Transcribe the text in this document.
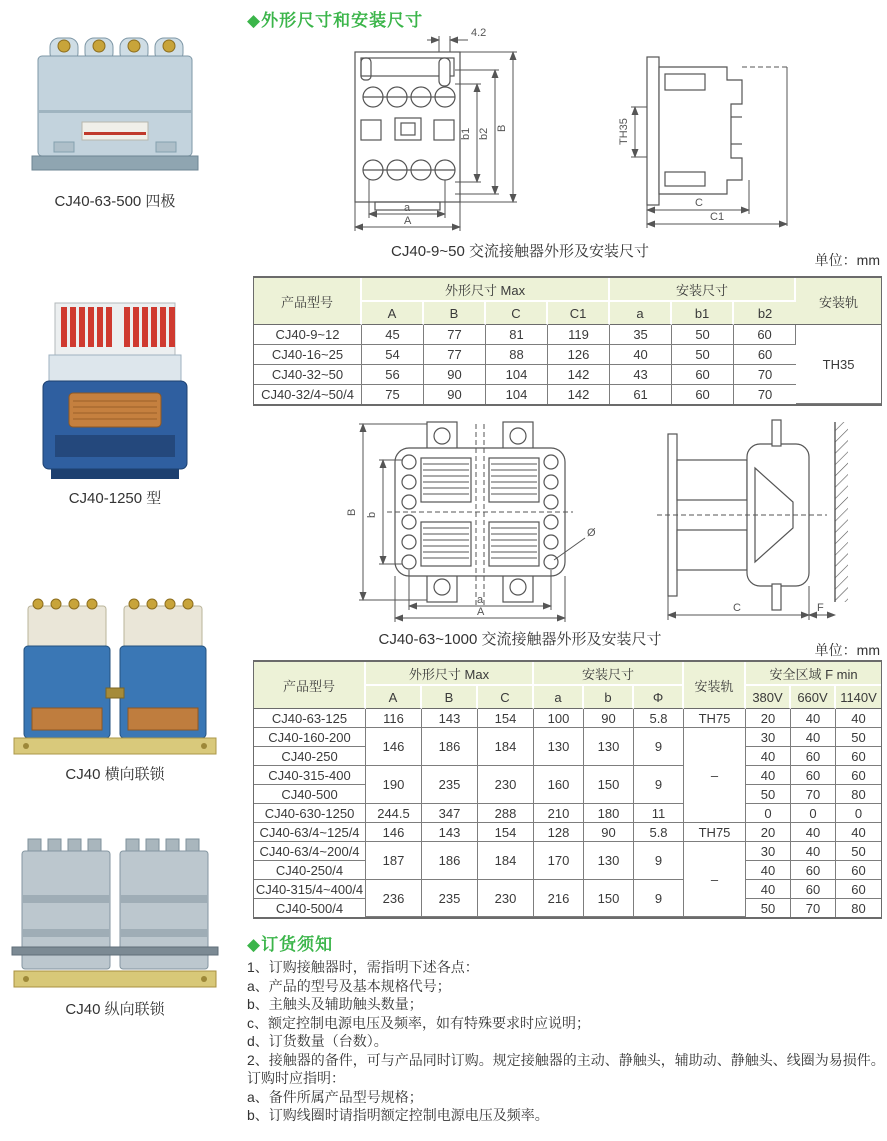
CJ40-63-500 四极
CJ40-1250 型
CJ40 横向联锁
CJ40 纵向联锁
◆外形尺寸和安装尺寸
4.2
b1 b2 B
a
A
TH35
C
C1
CJ40-9~50 交流接触器外形及安装尺寸	单位：mm
产品型号	外形尺寸 Max				安装尺寸			安装轨
	A	B	C	C1	a	b1	b2	
CJ40-9~12	45	77	81	119	35	50	60	TH35
CJ40-16~25	54	77	88	126	40	50	60	
CJ40-32~50	56	90	104	142	43	60	70	
CJ40-32/4~50/4	75	90	104	142	61	60	70	
b
B
a
A
Ø
C	F
CJ40-63~1000 交流接触器外形及安装尺寸
单位：mm
产品型号	外形尺寸 Max			安装尺寸			安装轨	安全区域 F min		
	A	B	C	a	b	Φ		380V	660V	1140V
CJ40-63-125	116	143	154	100	90	5.8	TH75	20	40	40
CJ40-160-200	146	186	184	130	130	9	–	30	40	50
CJ40-250								40	60	60
CJ40-315-400	190	235	230	160	150	9		40	60	60
CJ40-500								50	70	80
CJ40-630-1250	244.5	347	288	210	180	11		0	0	0
CJ40-63/4~125/4	146	143	154	128	90	5.8	TH75	20	40	40
CJ40-63/4~200/4	187	186	184	170	130	9	–	30	40	50
CJ40-250/4								40	60	60
CJ40-315/4~400/4	236	235	230	216	150	9		40	60	60
CJ40-500/4								50	70	80
◆订货须知
1、订购接触器时，需指明下述各点：
a、产品的型号及基本规格代号；
b、主触头及辅助触头数量；
c、额定控制电源电压及频率，如有特殊要求时应说明；
d、订货数量（台数）。
2、接触器的备件，可与产品同时订购。规定接触器的主动、静触头，辅助动、静触头、线圈为易损件。
订购时应指明：
a、备件所属产品型号规格；
b、订购线圈时请指明额定控制电源电压及频率。
